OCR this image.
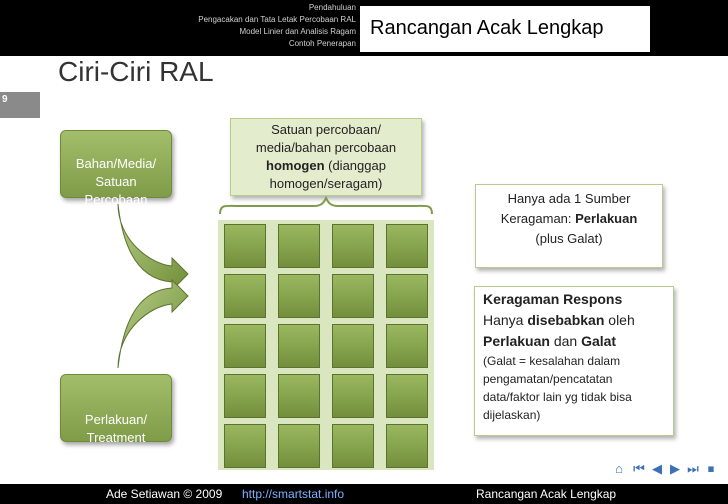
Pendahuluan
Pengacakan dan Tata Letak Percobaan RAL
Model Linier dan Analisis Ragam
Contoh Penerapan
Rancangan Acak Lengkap
Ciri-Ciri RAL
9

Bahan/Media/
Satuan
Percobaan

Perlakuan/
Treatment

Satuan percobaan/
media/bahan percobaan
homogen (dianggap
homogen/seragam)
Hanya ada 1 Sumber
Keragaman: Perlakuan
(plus Galat)
Keragaman Respons
Hanya disebabkan oleh
Perlakuan dan Galat
(Galat = kesalahan dalam pengamatan/pencatatan data/faktor lain yg tidak bisa dijelaskan)
⌂ ⏮ ◀ ▶ ⏭ ⏹
Ade Setiawan © 2009 http://smartstat.info	Rancangan Acak Lengkap
